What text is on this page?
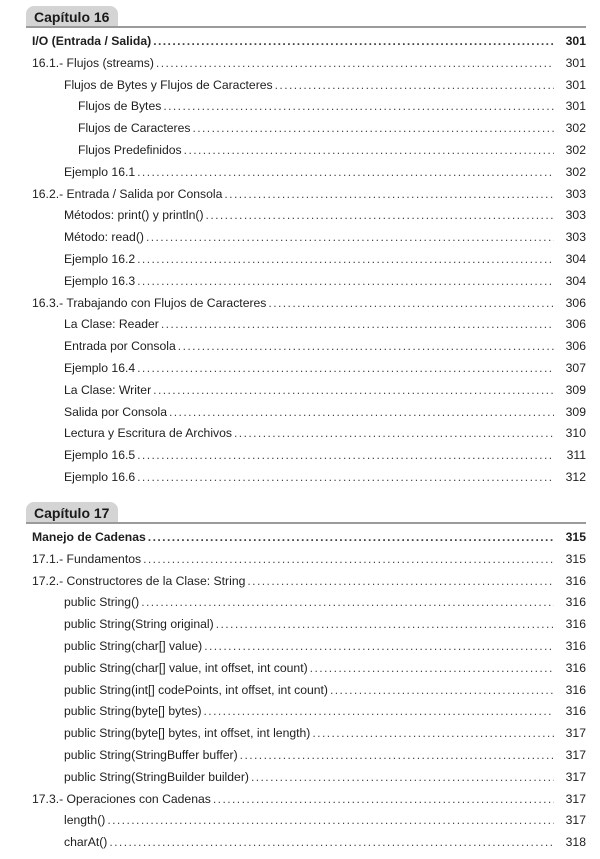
Capítulo 16
Capítulo 17
I/O (Entrada / Salida) .....	301
16.1.- Flujos (streams) .....	301
Flujos de Bytes y Flujos de Caracteres .....	301
Flujos de Bytes .....	301
Flujos de Caracteres .....	302
Flujos Predefinidos .....	302
Ejemplo 16.1 .....	302
16.2.- Entrada / Salida por Consola .....	303
Métodos: print() y println() .....	303
Método: read() .....	303
Ejemplo 16.2 .....	304
Ejemplo 16.3 .....	304
16.3.- Trabajando con Flujos de Caracteres .....	306
La Clase: Reader .....	306
Entrada por Consola .....	306
Ejemplo 16.4 .....	307
La Clase: Writer .....	309
Salida por Consola .....	309
Lectura y Escritura de Archivos .....	310
Ejemplo 16.5 .....	311
Ejemplo 16.6 .....	312
Manejo de Cadenas .....	315
17.1.- Fundamentos .....	315
17.2.- Constructores de la Clase: String .....	316
public String() .....	316
public String(String original) .....	316
public String(char[] value) .....	316
public String(char[] value, int offset, int count) .....	316
public String(int[] codePoints, int offset, int count) .....	316
public String(byte[] bytes) .....	316
public String(byte[] bytes, int offset, int length) .....	317
public String(StringBuffer buffer) .....	317
public String(StringBuilder builder) .....	317
17.3.- Operaciones con Cadenas .....	317
length() .....	317
charAt() .....	318
